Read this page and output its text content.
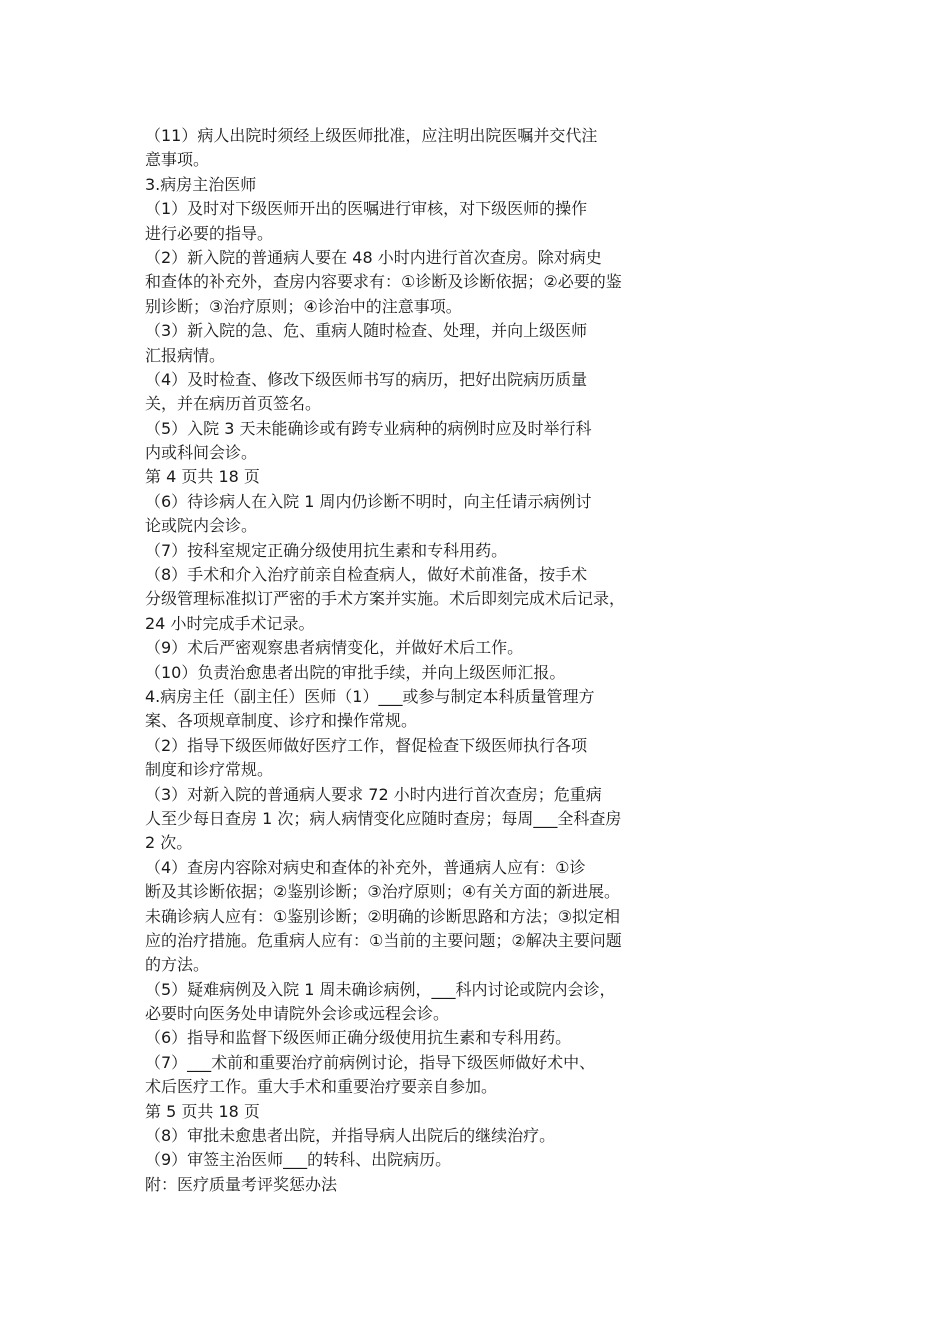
（11）病人出院时须经上级医师批准，应注明出院医嘱并交代注
意事项。
3.病房主治医师
（1）及时对下级医师开出的医嘱进行审核，对下级医师的操作
进行必要的指导。
（2）新入院的普通病人要在 48 小时内进行首次查房。除对病史
和查体的补充外，查房内容要求有：①诊断及诊断依据；②必要的鉴
别诊断；③治疗原则；④诊治中的注意事项。
（3）新入院的急、危、重病人随时检查、处理，并向上级医师
汇报病情。
（4）及时检查、修改下级医师书写的病历，把好出院病历质量
关，并在病历首页签名。
（5）入院 3 天未能确诊或有跨专业病种的病例时应及时举行科
内或科间会诊。
第 4 页共 18 页
（6）待诊病人在入院 1 周内仍诊断不明时，向主任请示病例讨
论或院内会诊。
（7）按科室规定正确分级使用抗生素和专科用药。
（8）手术和介入治疗前亲自检查病人，做好术前准备，按手术
分级管理标准拟订严密的手术方案并实施。术后即刻完成术后记录，
24 小时完成手术记录。
（9）术后严密观察患者病情变化，并做好术后工作。
（10）负责治愈患者出院的审批手续，并向上级医师汇报。
4.病房主任（副主任）医师（1）___或参与制定本科质量管理方
案、各项规章制度、诊疗和操作常规。
（2）指导下级医师做好医疗工作，督促检查下级医师执行各项
制度和诊疗常规。
（3）对新入院的普通病人要求 72 小时内进行首次查房；危重病
人至少每日查房 1 次；病人病情变化应随时查房；每周___全科查房
2 次。
（4）查房内容除对病史和查体的补充外，普通病人应有：①诊
断及其诊断依据；②鉴别诊断；③治疗原则；④有关方面的新进展。
未确诊病人应有：①鉴别诊断；②明确的诊断思路和方法；③拟定相
应的治疗措施。危重病人应有：①当前的主要问题；②解决主要问题
的方法。
（5）疑难病例及入院 1 周未确诊病例，___科内讨论或院内会诊，
必要时向医务处申请院外会诊或远程会诊。
（6）指导和监督下级医师正确分级使用抗生素和专科用药。
（7）___术前和重要治疗前病例讨论，指导下级医师做好术中、
术后医疗工作。重大手术和重要治疗要亲自参加。
第 5 页共 18 页
（8）审批未愈患者出院，并指导病人出院后的继续治疗。
（9）审签主治医师___的转科、出院病历。
附：医疗质量考评奖惩办法
